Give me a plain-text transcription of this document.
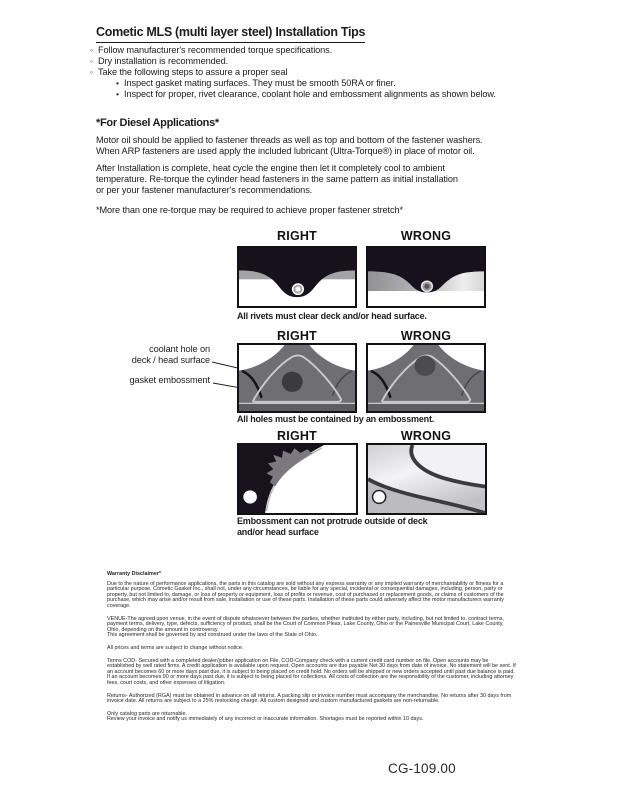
Cometic MLS (multi layer steel) Installation Tips
◦ Follow manufacturer's recommended torque specifications.
◦ Dry installation is recommended.
◦ Take the following steps to assure a proper seal
• Inspect gasket mating surfaces. They must be smooth 50RA or finer.
• Inspect for proper, rivet clearance, coolant hole and embossment alignments as shown below.
*For Diesel Applications*
Motor oil should be applied to fastener threads as well as top and bottom of the fastener washers.
When ARP fasteners are used apply the included lubricant (Ultra-Torque®) in place of motor oil.
After Installation is complete, heat cycle the engine then let it completely cool to ambient
temperature. Re-torque the cylinder head fasteners in the same pattern as initial installation
or per your fastener manufacturer's recommendations.
*More than one re-torque may be required to achieve proper fastener stretch*
RIGHT	WRONG
All rivets must clear deck and/or head surface.
RIGHT	WRONG
coolant hole on
deck / head surface
gasket embossment
All holes must be contained by an embossment.
RIGHT	WRONG
Embossment can not protrude outside of deck
and/or head surface
Warranty Disclaimer*
Due to the nature of performance applications, the parts in this catalog are sold without any express warranty or any implied warranty of merchantability or fitness for a particular purpose. Cometic Gasket Inc., shall not, under any circumstances, be liable for any special, incidental or consequential damages, including, person, party or property, but not limited to, damage, or loss of property or equipment, loss of profits or revenue, cost of purchased or replacement goods, or claims of customers of the purchase, which may arise and/or result from sale, installation or use of these parts. Installation of these parts could adversely affect the motor manufacturers warranty coverage.
VENUE-The agreed upon venue, in the event of dispute whatsoever between the parties, whether instituted by either party, including, but not limited to, contract terms, payment terms, delivery, type, defects, sufficiency of product, shall be the Court of Common Pleas, Lake County, Ohio or the Painesville Municipal Court, Lake County, Ohio, depending on the amount in controversy.
This agreement shall be governed by and construed under the laws of the State of Ohio.
All prices and terms are subject to change without notice.
Terms COD- Secured with a completed dealer/jobber application on File, COD-Company check with a current credit card number on file. Open accounts may be established by well rated firms. A credit application is available upon request. Open accounts are due payable Net 30 days from date of invoice. No statement will be sent. If an account becomes 60 or more days past due, it is subject to being placed on credit hold. No orders will be shipped or new orders accepted until past due balance is paid. If an account becomes 90 or more days past due, it is subject to being placed for collections. All costs of collection are the responsibility of the customer, including attorney fees, court costs, and other expenses of litigation.
Returns- Authorized (RGA) must be obtained in advance on all returns. A packing slip or invoice number must accompany the merchandise. No returns after 30 days from invoice date. All returns are subject to a 25% restocking charge. All custom designed and custom manufactured gaskets are non-returnable.
Only catalog parts are returnable.
Review your invoice and notify us immediately of any incorrect or inaccurate information. Shortages must be reported within 10 days.
CG-109.00
